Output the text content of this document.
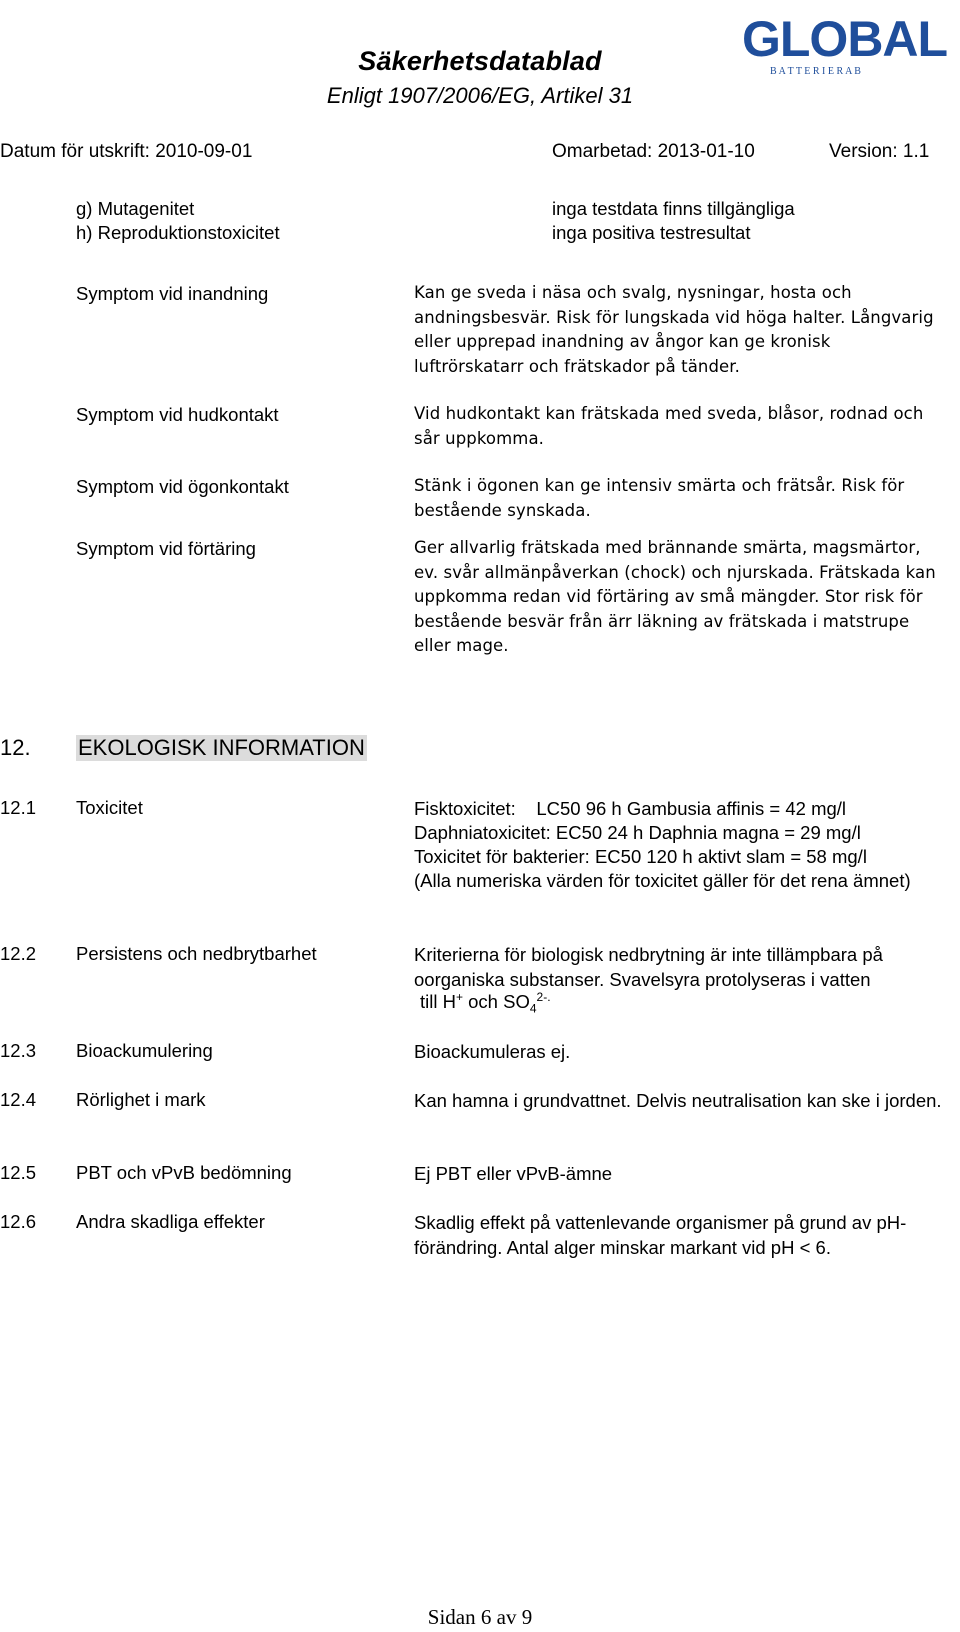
Säkerhetsdatablad
Enligt 1907/2006/EG, Artikel 31
GLOBAL
B A T T E R I E R A B
Datum för utskrift: 2010-09-01	Omarbetad: 2013-01-10	Version: 1.1
g) Mutagenitet	inga testdata finns tillgängliga
h) Reproduktionstoxicitet	inga positiva testresultat
Symptom vid inandning	Kan ge sveda i näsa och svalg, nysningar, hosta och andningsbesvär. Risk för lungskada vid höga halter. Långvarig eller upprepad inandning av ångor kan ge kronisk luftrörskatarr och frätskador på tänder.
Symptom vid hudkontakt	Vid hudkontakt kan frätskada med sveda, blåsor, rodnad och sår uppkomma.
Symptom vid ögonkontakt	Stänk i ögonen kan ge intensiv smärta och frätsår. Risk för bestående synskada.
Symptom vid förtäring	Ger allvarlig frätskada med brännande smärta, magsmärtor, ev. svår allmänpåverkan (chock) och njurskada. Frätskada kan uppkomma redan vid förtäring av små mängder. Stor risk för bestående besvär från ärr läkning av frätskada i matstrupe eller mage.
12. EKOLOGISK INFORMATION
12.1 Toxicitet	Fisktoxicitet:    LC50 96 h Gambusia affinis = 42 mg/l
Daphniatoxicitet: EC50 24 h Daphnia magna = 29 mg/l
Toxicitet för bakterier: EC50 120 h aktivt slam = 58 mg/l
(Alla numeriska värden för toxicitet gäller för det rena ämnet)
12.2 Persistens och nedbrytbarhet	Kriterierna för biologisk nedbrytning är inte tillämpbara på oorganiska substanser. Svavelsyra protolyseras i vatten
till H+ och $SO_4^{2-.}$
12.3 Bioackumulering	Bioackumuleras ej.
12.4 Rörlighet i mark	Kan hamna i grundvattnet. Delvis neutralisation kan ske i jorden.
12.5 PBT och vPvB bedömning	Ej PBT eller vPvB-ämne
12.6 Andra skadliga effekter	Skadlig effekt på vattenlevande organismer på grund av pH-förändring. Antal alger minskar markant vid pH < 6.
Sidan 6 av 9
